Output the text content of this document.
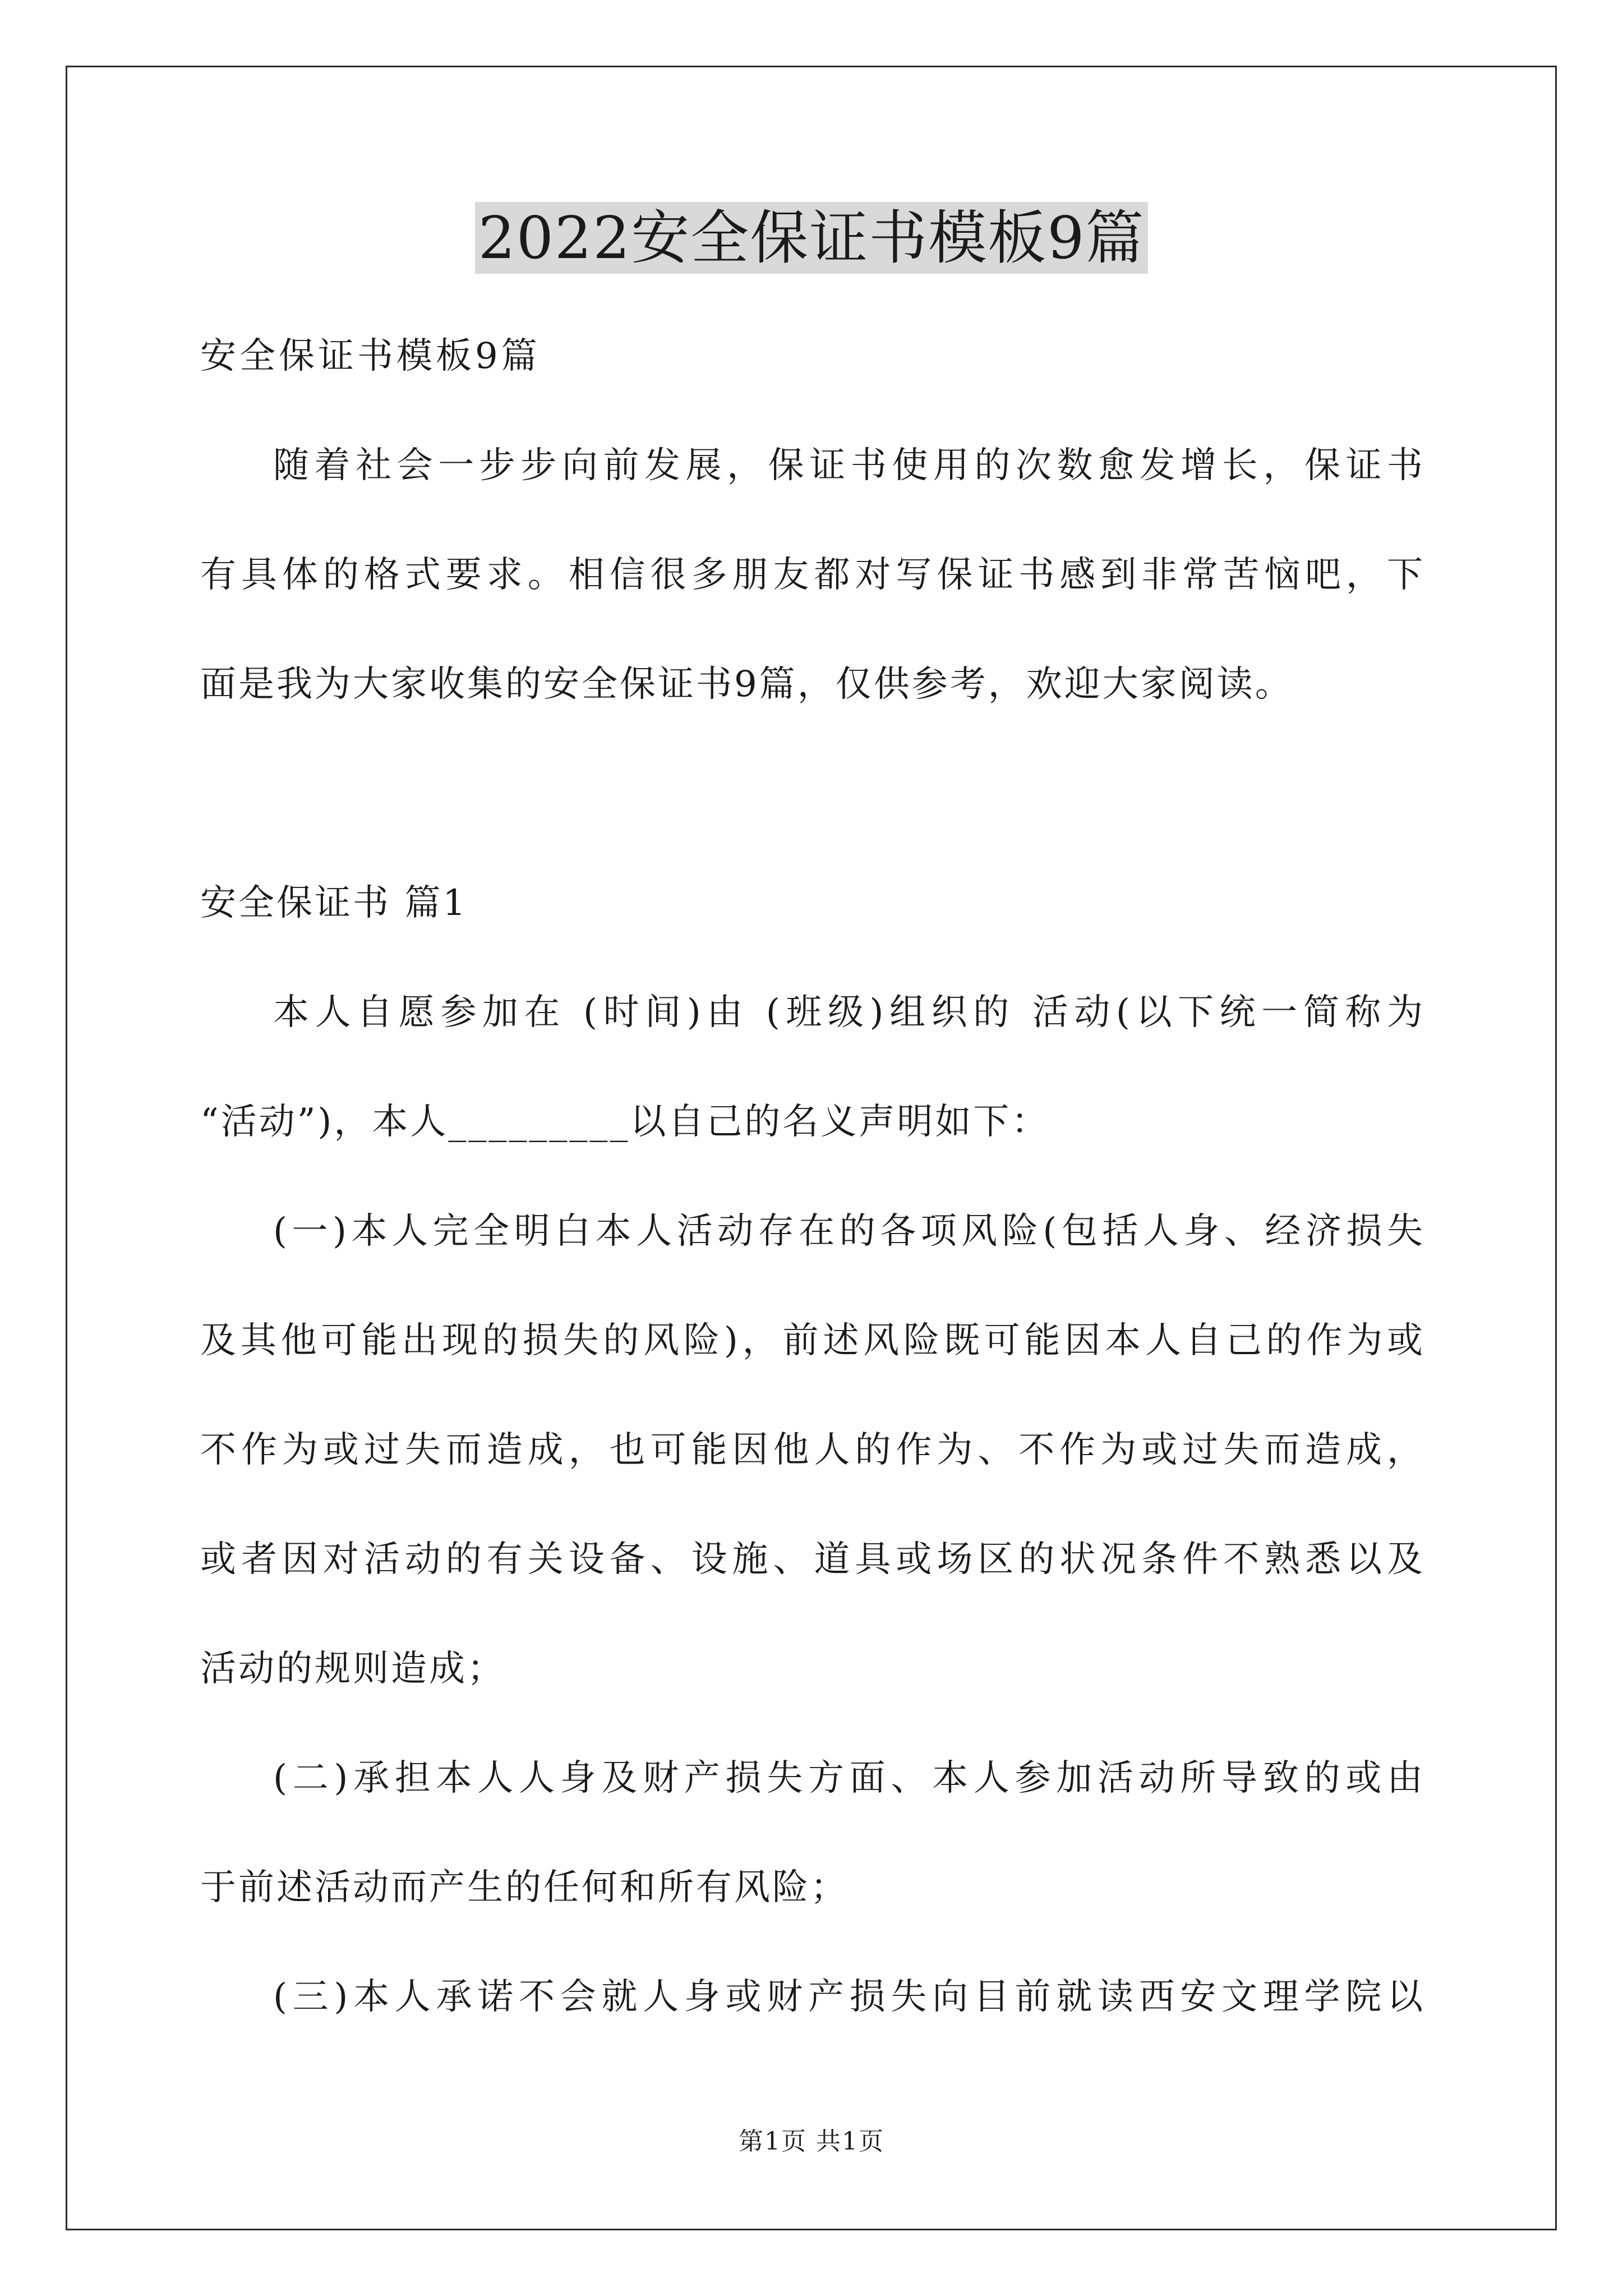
2022安全保证书模板9篇
安全保证书模板9篇
随着社会一步步向前发展，保证书使用的次数愈发增长，保证书
有具体的格式要求。相信很多朋友都对写保证书感到非常苦恼吧，下
面是我为大家收集的安全保证书9篇，仅供参考，欢迎大家阅读。
安全保证书 篇1
本人自愿参加在 (时间)由 (班级)组织的 活动(以下统一简称为
“活动”)，本人_________以自己的名义声明如下：
(一)本人完全明白本人活动存在的各项风险(包括人身、经济损失
及其他可能出现的损失的风险)，前述风险既可能因本人自己的作为或
不作为或过失而造成，也可能因他人的作为、不作为或过失而造成，
或者因对活动的有关设备、设施、道具或场区的状况条件不熟悉以及
活动的规则造成；
(二)承担本人人身及财产损失方面、本人参加活动所导致的或由
于前述活动而产生的任何和所有风险；
(三)本人承诺不会就人身或财产损失向目前就读西安文理学院以
第1页 共1页
